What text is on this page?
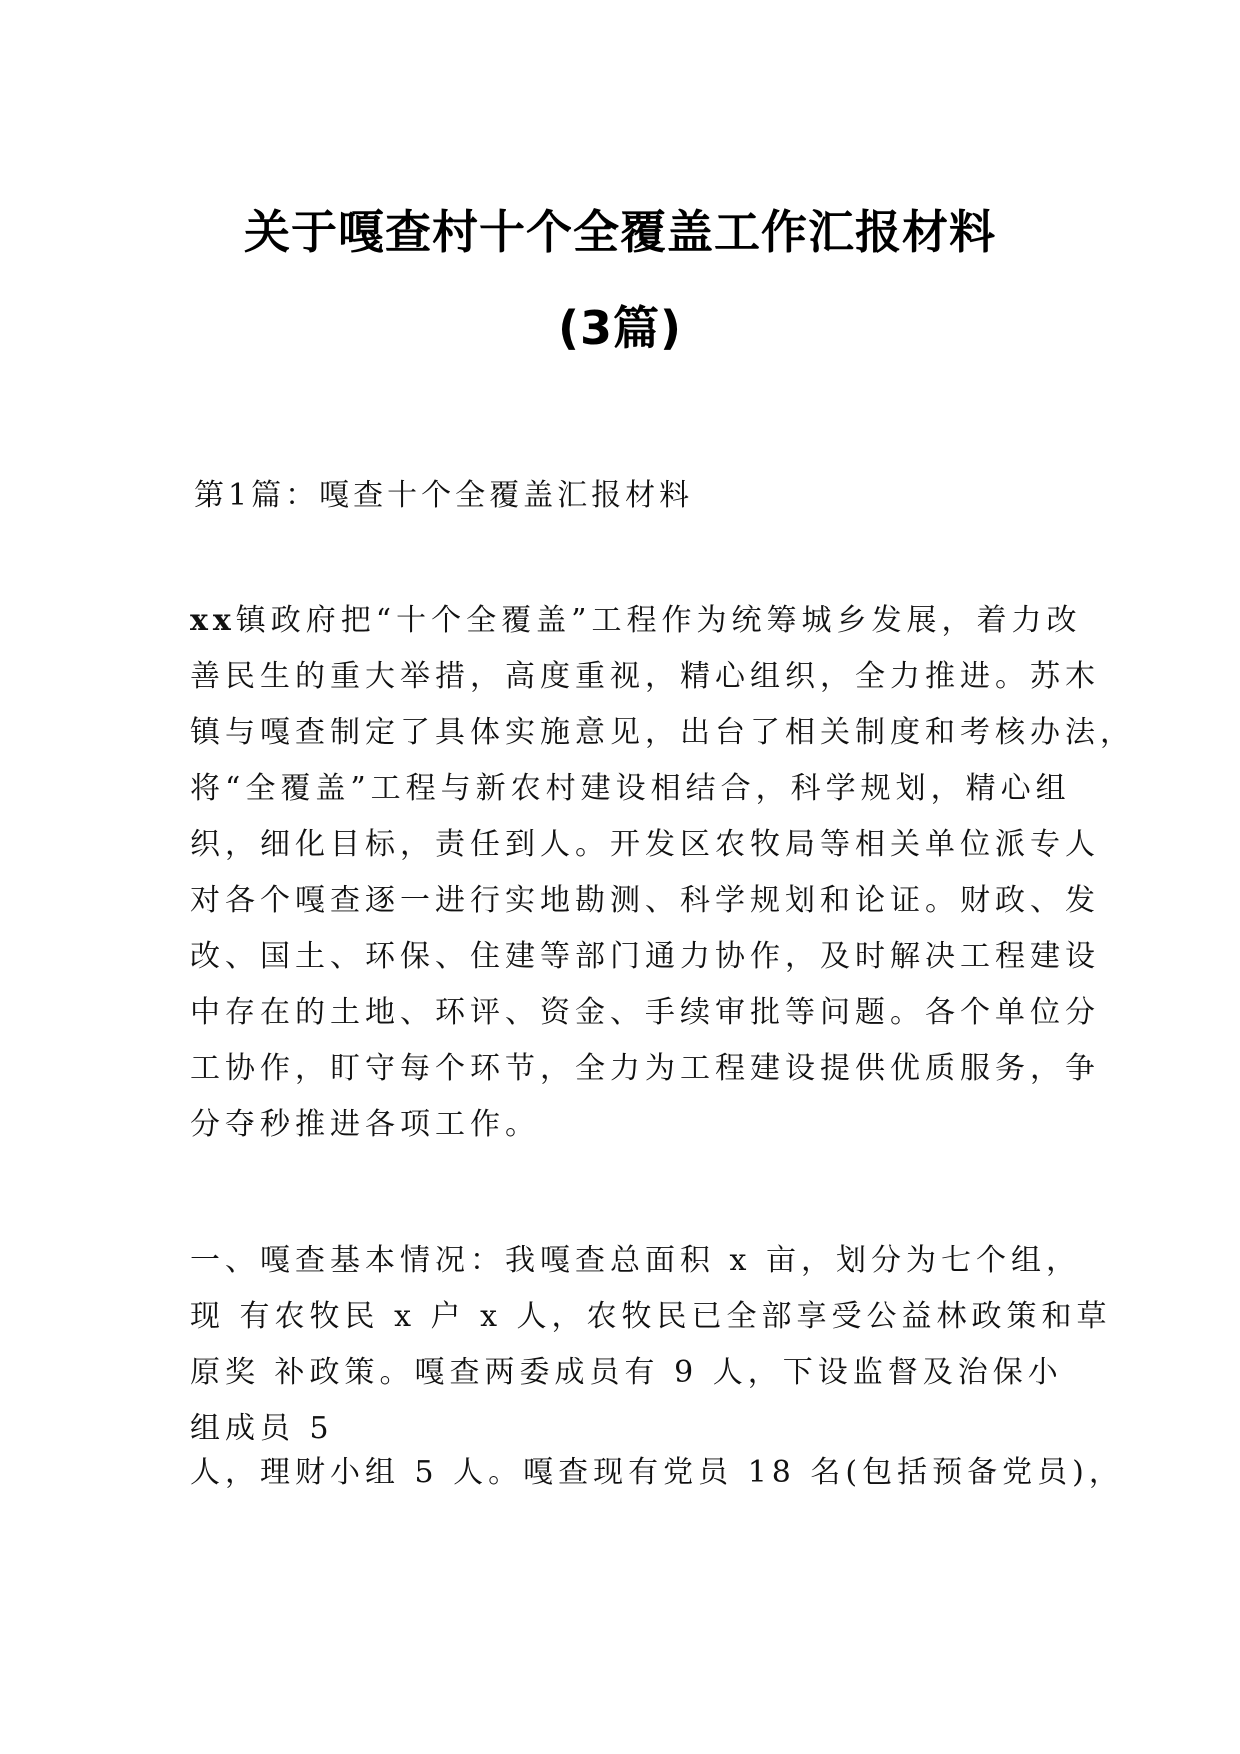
关于嘎查村十个全覆盖工作汇报材料
(3篇)
第1篇：嘎查十个全覆盖汇报材料
xx镇政府把“十个全覆盖”工程作为统筹城乡发展，着力改
善民生的重大举措，高度重视，精心组织，全力推进。苏木
镇与嘎查制定了具体实施意见，出台了相关制度和考核办法，
将“全覆盖”工程与新农村建设相结合，科学规划，精心组
织，细化目标，责任到人。开发区农牧局等相关单位派专人
对各个嘎查逐一进行实地勘测、科学规划和论证。财政、发
改、国土、环保、住建等部门通力协作，及时解决工程建设
中存在的土地、环评、资金、手续审批等问题。各个单位分
工协作，盯守每个环节，全力为工程建设提供优质服务，争
分夺秒推进各项工作。
一、嘎查基本情况：我嘎查总面积 x 亩，划分为七个组，
现 有农牧民 x 户 x 人，农牧民已全部享受公益林政策和草
原奖 补政策。嘎查两委成员有 9 人，下设监督及治保小
组成员 5
人，理财小组 5 人。嘎查现有党员 18 名(包括预备党员)，
